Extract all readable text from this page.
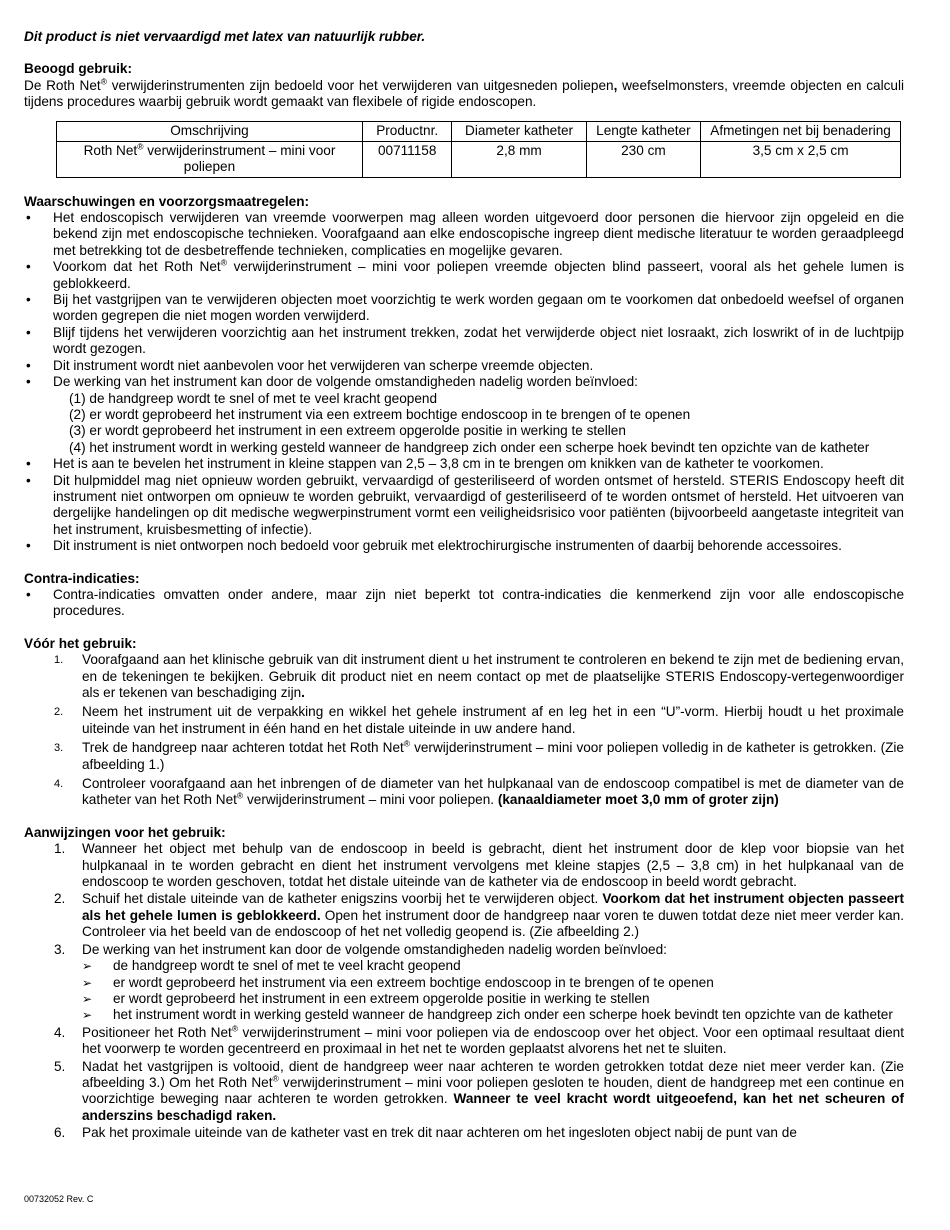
Dit product is niet vervaardigd met latex van natuurlijk rubber.

Beoogd gebruik:

De Roth Net® verwijderinstrumenten zijn bedoeld voor het verwijderen van uitgesneden poliepen, weefselmonsters, vreemde objecten en calculi tijdens procedures waarbij gebruik wordt gemaakt van flexibele of rigide endoscopen.

Omschrijving	Productnr.	Diameter katheter	Lengte katheter	Afmetingen net bij benadering
Roth Net® verwijderinstrument – mini voor poliepen	00711158	2,8 mm	230 cm	3,5 cm x 2,5 cm
Waarschuwingen en voorzorgsmaatregelen:
• Het endoscopisch verwijderen van vreemde voorwerpen mag alleen worden uitgevoerd door personen die hiervoor zijn opgeleid en die bekend zijn met endoscopische technieken. Voorafgaand aan elke endoscopische ingreep dient medische literatuur te worden geraadpleegd met betrekking tot de desbetreffende technieken, complicaties en mogelijke gevaren.
• Voorkom dat het Roth Net® verwijderinstrument – mini voor poliepen vreemde objecten blind passeert, vooral als het gehele lumen is geblokkeerd.
• Bij het vastgrijpen van te verwijderen objecten moet voorzichtig te werk worden gegaan om te voorkomen dat onbedoeld weefsel of organen worden gegrepen die niet mogen worden verwijderd.
• Blijf tijdens het verwijderen voorzichtig aan het instrument trekken, zodat het verwijderde object niet losraakt, zich loswrikt of in de luchtpijp wordt gezogen.
• Dit instrument wordt niet aanbevolen voor het verwijderen van scherpe vreemde objecten.
• De werking van het instrument kan door de volgende omstandigheden nadelig worden beïnvloed:
(1) de handgreep wordt te snel of met te veel kracht geopend
(2) er wordt geprobeerd het instrument via een extreem bochtige endoscoop in te brengen of te openen
(3) er wordt geprobeerd het instrument in een extreem opgerolde positie in werking te stellen
(4) het instrument wordt in werking gesteld wanneer de handgreep zich onder een scherpe hoek bevindt ten opzichte van de katheter
• Het is aan te bevelen het instrument in kleine stappen van 2,5 – 3,8 cm in te brengen om knikken van de katheter te voorkomen.
• Dit hulpmiddel mag niet opnieuw worden gebruikt, vervaardigd of gesteriliseerd of worden ontsmet of hersteld. STERIS Endoscopy heeft dit instrument niet ontworpen om opnieuw te worden gebruikt, vervaardigd of gesteriliseerd of te worden ontsmet of hersteld. Het uitvoeren van dergelijke handelingen op dit medische wegwerpinstrument vormt een veiligheidsrisico voor patiënten (bijvoorbeeld aangetaste integriteit van het instrument, kruisbesmetting of infectie).
• Dit instrument is niet ontworpen noch bedoeld voor gebruik met elektrochirurgische instrumenten of daarbij behorende accessoires.
Contra-indicaties:
• Contra-indicaties omvatten onder andere, maar zijn niet beperkt tot contra-indicaties die kenmerkend zijn voor alle endoscopische procedures.
Vóór het gebruik:
1. Voorafgaand aan het klinische gebruik van dit instrument dient u het instrument te controleren en bekend te zijn met de bediening ervan, en de tekeningen te bekijken. Gebruik dit product niet en neem contact op met de plaatselijke STERIS Endoscopy-vertegenwoordiger als er tekenen van beschadiging zijn.
2. Neem het instrument uit de verpakking en wikkel het gehele instrument af en leg het in een “U”-vorm. Hierbij houdt u het proximale uiteinde van het instrument in één hand en het distale uiteinde in uw andere hand.
3. Trek de handgreep naar achteren totdat het Roth Net® verwijderinstrument – mini voor poliepen volledig in de katheter is getrokken. (Zie afbeelding 1.)
4. Controleer voorafgaand aan het inbrengen of de diameter van het hulpkanaal van de endoscoop compatibel is met de diameter van de katheter van het Roth Net® verwijderinstrument – mini voor poliepen. (kanaaldiameter moet 3,0 mm of groter zijn)
Aanwijzingen voor het gebruik:
1. Wanneer het object met behulp van de endoscoop in beeld is gebracht, dient het instrument door de klep voor biopsie van het hulpkanaal in te worden gebracht en dient het instrument vervolgens met kleine stapjes (2,5 – 3,8 cm) in het hulpkanaal van de endoscoop te worden geschoven, totdat het distale uiteinde van de katheter via de endoscoop in beeld wordt gebracht.
2. Schuif het distale uiteinde van de katheter enigszins voorbij het te verwijderen object. Voorkom dat het instrument objecten passeert als het gehele lumen is geblokkeerd. Open het instrument door de handgreep naar voren te duwen totdat deze niet meer verder kan. Controleer via het beeld van de endoscoop of het net volledig geopend is. (Zie afbeelding 2.)
3. De werking van het instrument kan door de volgende omstandigheden nadelig worden beïnvloed:
➢ de handgreep wordt te snel of met te veel kracht geopend
➢ er wordt geprobeerd het instrument via een extreem bochtige endoscoop in te brengen of te openen
➢ er wordt geprobeerd het instrument in een extreem opgerolde positie in werking te stellen
➢ het instrument wordt in werking gesteld wanneer de handgreep zich onder een scherpe hoek bevindt ten opzichte van de katheter
4. Positioneer het Roth Net® verwijderinstrument – mini voor poliepen via de endoscoop over het object. Voor een optimaal resultaat dient het voorwerp te worden gecentreerd en proximaal in het net te worden geplaatst alvorens het net te sluiten.
5. Nadat het vastgrijpen is voltooid, dient de handgreep weer naar achteren te worden getrokken totdat deze niet meer verder kan. (Zie afbeelding 3.) Om het Roth Net® verwijderinstrument – mini voor poliepen gesloten te houden, dient de handgreep met een continue en voorzichtige beweging naar achteren te worden getrokken. Wanneer te veel kracht wordt uitgeoefend, kan het net scheuren of anderszins beschadigd raken.
6. Pak het proximale uiteinde van de katheter vast en trek dit naar achteren om het ingesloten object nabij de punt van de
00732052 Rev. C
